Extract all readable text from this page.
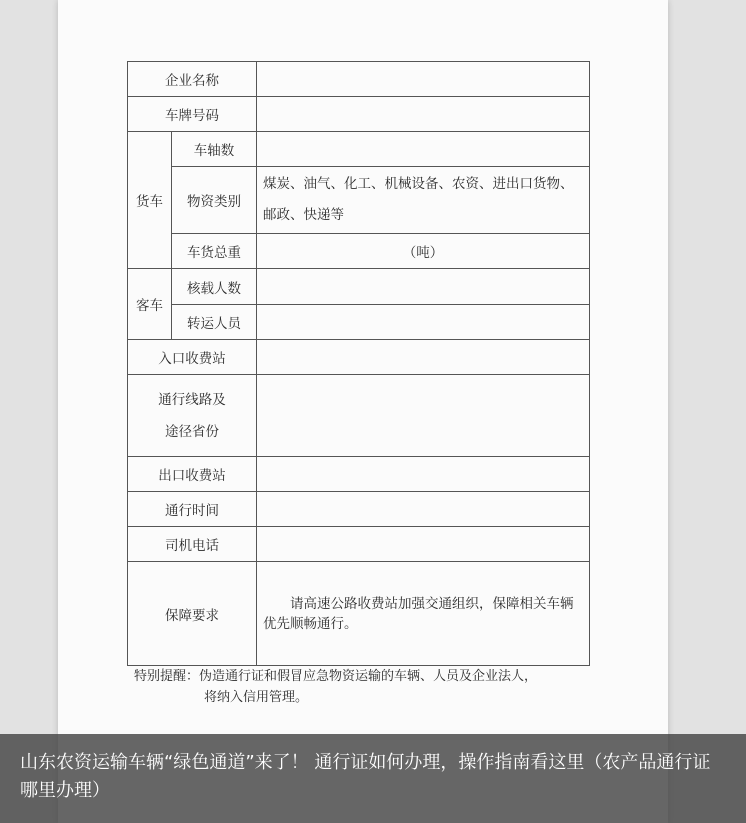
企业名称		
车牌号码		
货车	车轴数	
	物资类别	煤炭、油气、化工、机械设备、农资、进出口货物、邮政、快递等
	车货总重	（吨）
客车	核载人数	
	转运人员	
入口收费站		

通行线路及
途径省份		

出口收费站		
通行时间		
司机电话		
保障要求		请高速公路收费站加强交通组织，保障相关车辆优先顺畅通行。
特别提醒：伪造通行证和假冒应急物资运输的车辆、人员及企业法人，
将纳入信用管理。
山东农资运输车辆“绿色通道”来了！ 通行证如何办理，操作指南看这里（农产品通行证哪里办理）
